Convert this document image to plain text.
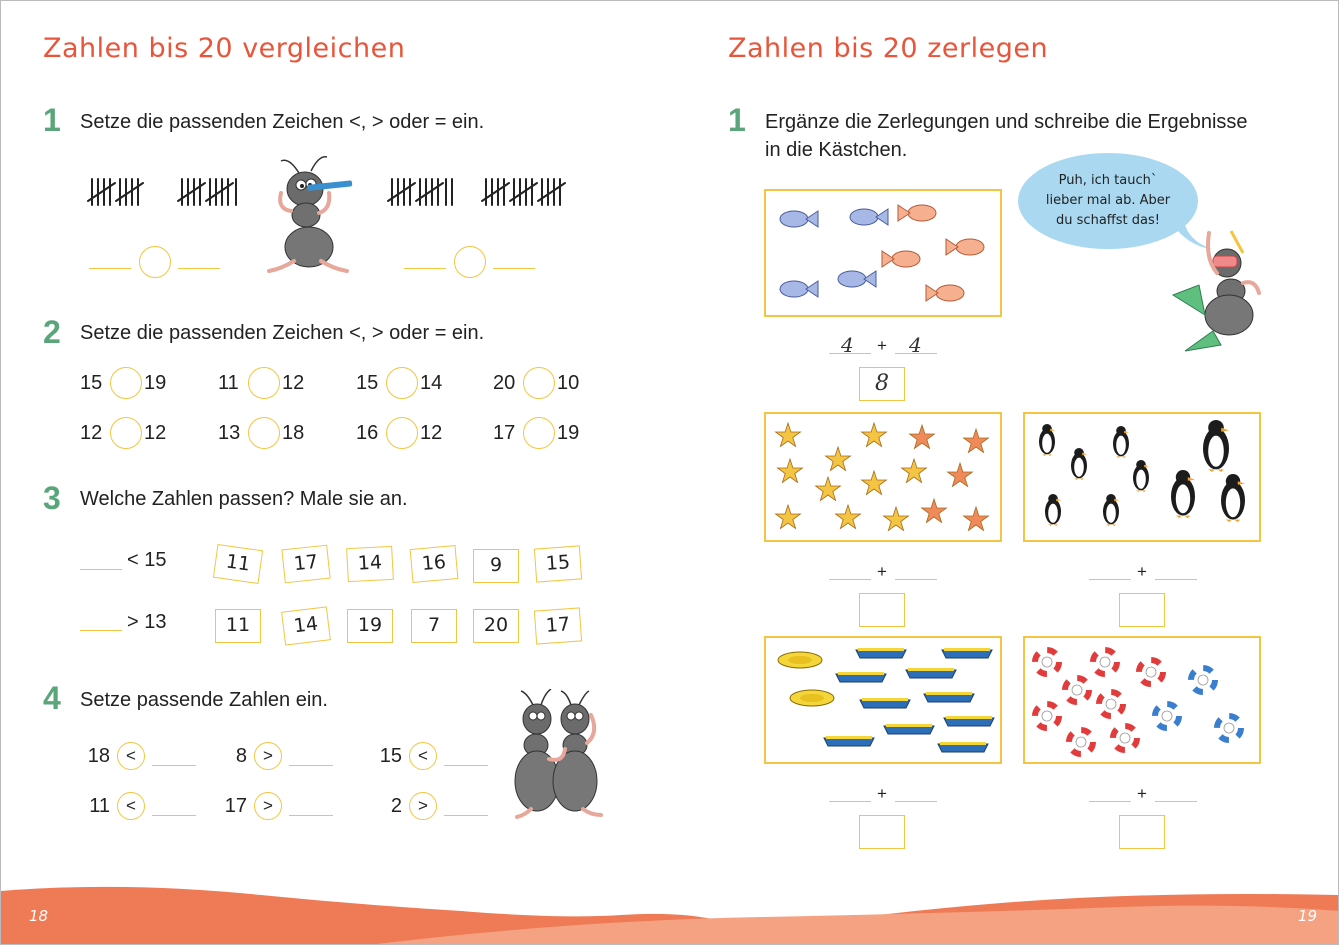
Zahlen bis 20 vergleichen
1 Setze die passenden Zeichen <, > oder = ein.
2 Setze die passenden Zeichen <, > oder = ein.
3 Welche Zahlen passen? Male sie an.
< 15
> 13
4 Setze passende Zahlen ein.
Zahlen bis 20 zerlegen
1 Ergänze die Zerlegungen und schreibe die Ergebnisse
in die Kästchen.
Puh, ich tauch`
lieber mal ab. Aber
du schaffst das!
4 + 4
8
18	19
15 19	11 12	15 14	20 10
12 12	13 18	16 12	17 19
11	17	14	16	9	15
11	14	19	7	20	17
18 <	8 >	15 <
11 <	17 >	2 >
+	+
+	+
